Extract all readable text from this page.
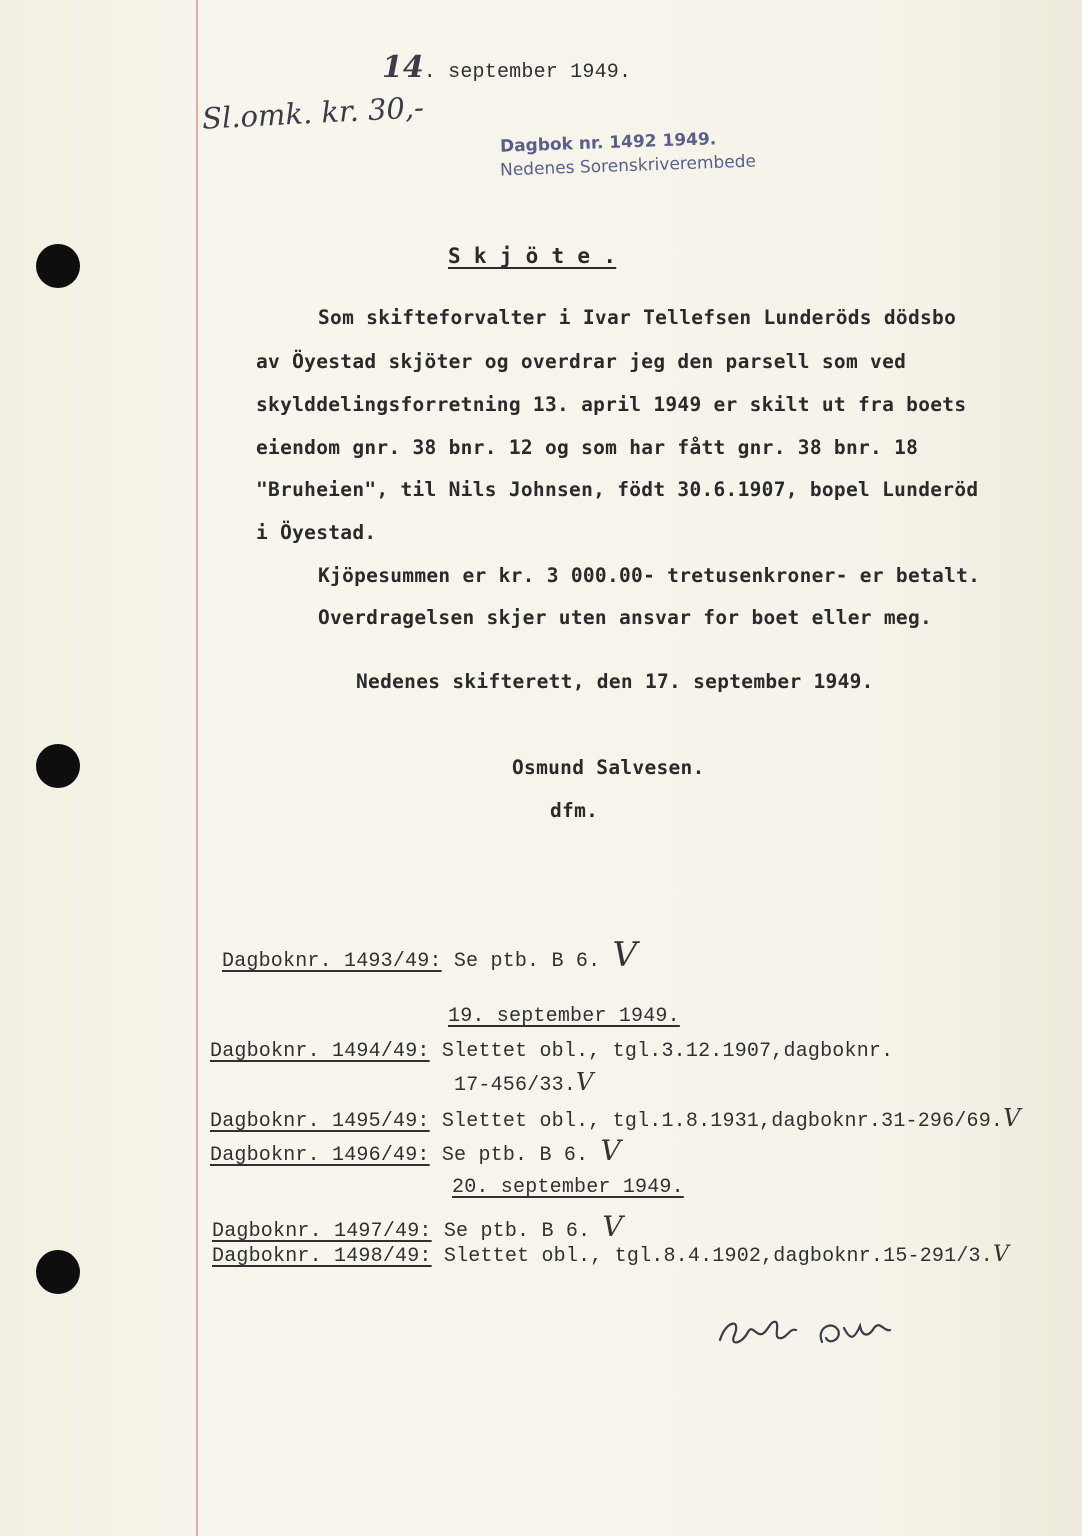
14. september 1949.
Sl.omk. kr. 30,-
Dagbok nr. 1492 1949.
Nedenes Sorenskriverembede
S k j ö t e .
Som skifteforvalter i Ivar Tellefsen Lunderöds dödsbo
av Öyestad skjöter og overdrar jeg den parsell som ved
skylddelingsforretning 13. april 1949 er skilt ut fra boets
eiendom gnr. 38 bnr. 12 og som har fått gnr. 38 bnr. 18
"Bruheien", til Nils Johnsen, födt 30.6.1907, bopel Lunderöd
i Öyestad.
Kjöpesummen er kr. 3 000.00- tretusenkroner- er betalt.
Overdragelsen skjer uten ansvar for boet eller meg.
Nedenes skifterett, den 17. september 1949.
Osmund Salvesen.
dfm.
Dagboknr. 1493/49: Se ptb. B 6. V
19. september 1949.
Dagboknr. 1494/49: Slettet obl., tgl.3.12.1907,dagboknr.
17-456/33.V
Dagboknr. 1495/49: Slettet obl., tgl.1.8.1931,dagboknr.31-296/69.V
Dagboknr. 1496/49: Se ptb. B 6. V
20. september 1949.
Dagboknr. 1497/49: Se ptb. B 6. V
Dagboknr. 1498/49: Slettet obl., tgl.8.4.1902,dagboknr.15-291/3.V
